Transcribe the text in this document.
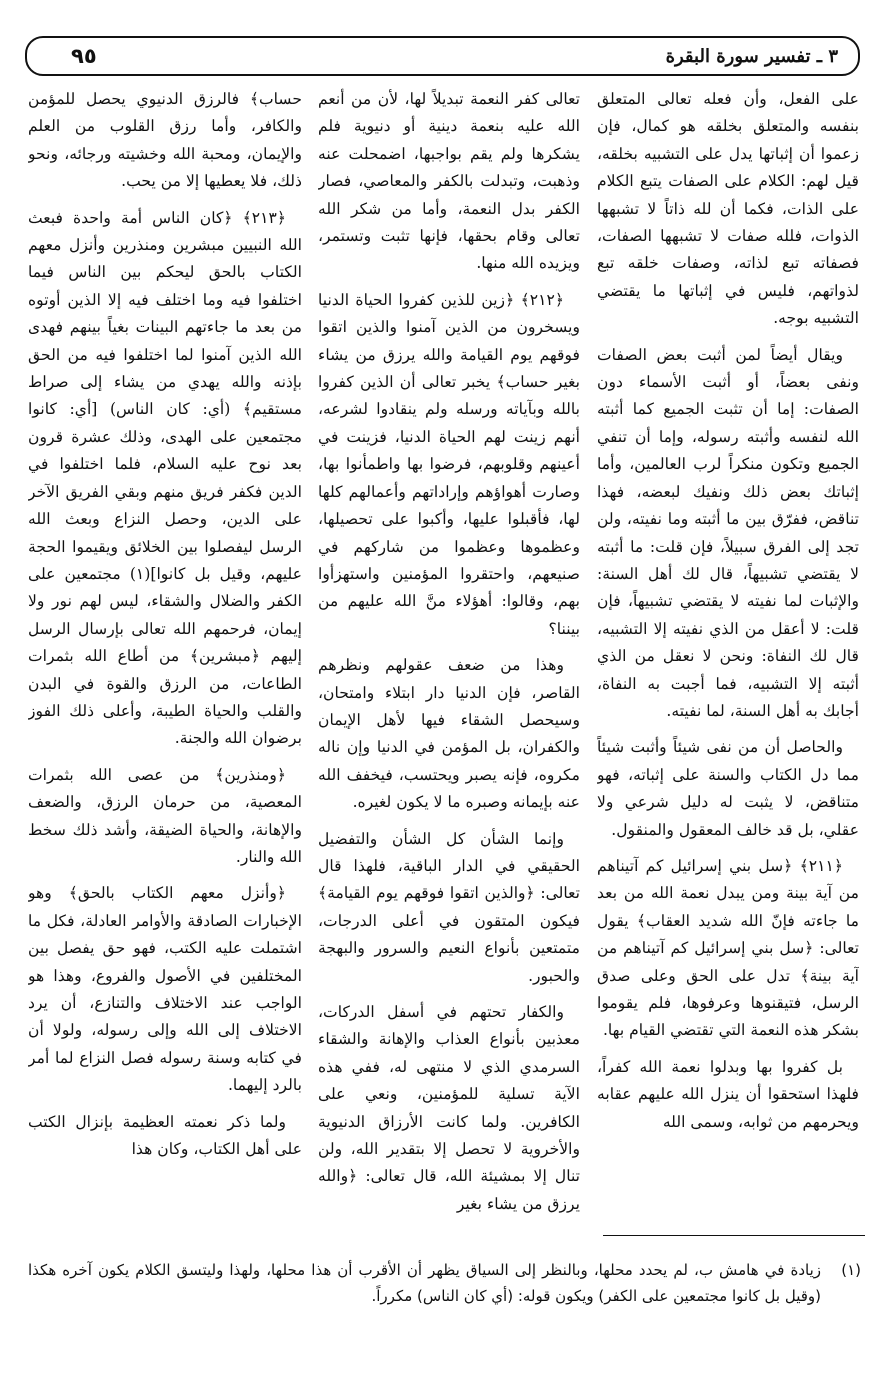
٩٥	٣ ـ تفسير سورة البقرة

على الفعل، وأن فعله تعالى المتعلق بنفسه والمتعلق بخلقه هو كمال، فإن زعموا أن إثباتها يدل على التشبيه بخلقه، قيل لهم: الكلام على الصفات يتبع الكلام على الذات، فكما أن لله ذاتاً لا تشبهها الذوات، فلله صفات لا تشبهها الصفات، فصفاته تبع لذاته، وصفات خلقه تبع لذواتهم، فليس في إثباتها ما يقتضي التشبيه بوجه.

ويقال أيضاً لمن أثبت بعض الصفات ونفى بعضاً، أو أثبت الأسماء دون الصفات: إما أن تثبت الجميع كما أثبته الله لنفسه وأثبته رسوله، وإما أن تنفي الجميع وتكون منكراً لرب العالمين، وأما إثباتك بعض ذلك ونفيك لبعضه، فهذا تناقض، ففرّق بين ما أثبته وما نفيته، ولن تجد إلى الفرق سبيلاً، فإن قلت: ما أثبته لا يقتضي تشبيهاً، قال لك أهل السنة: والإثبات لما نفيته لا يقتضي تشبيهاً، فإن قلت: لا أعقل من الذي نفيته إلا التشبيه، قال لك النفاة: ونحن لا نعقل من الذي أثبته إلا التشبيه، فما أجبت به النفاة، أجابك به أهل السنة، لما نفيته.

والحاصل أن من نفى شيئاً وأثبت شيئاً مما دل الكتاب والسنة على إثباته، فهو متناقض، لا يثبت له دليل شرعي ولا عقلي، بل قد خالف المعقول والمنقول.

﴿٢١١﴾ ﴿سل بني إسرائيل كم آتيناهم من آية بينة ومن يبدل نعمة الله من بعد ما جاءته فإنّ الله شديد العقاب﴾ يقول تعالى: ﴿سل بني إسرائيل كم آتيناهم من آية بينة﴾ تدل على الحق وعلى صدق الرسل، فتيقنوها وعرفوها، فلم يقوموا بشكر هذه النعمة التي تقتضي القيام بها.

بل كفروا بها وبدلوا نعمة الله كفراً، فلهذا استحقوا أن ينزل الله عليهم عقابه ويحرمهم من ثوابه، وسمى الله

تعالى كفر النعمة تبديلاً لها، لأن من أنعم الله عليه بنعمة دينية أو دنيوية فلم يشكرها ولم يقم بواجبها، اضمحلت عنه وذهبت، وتبدلت بالكفر والمعاصي، فصار الكفر بدل النعمة، وأما من شكر الله تعالى وقام بحقها، فإنها تثبت وتستمر، ويزيده الله منها.

﴿٢١٢﴾ ﴿زين للذين كفروا الحياة الدنيا ويسخرون من الذين آمنوا والذين اتقوا فوقهم يوم القيامة والله يرزق من يشاء بغير حساب﴾ يخبر تعالى أن الذين كفروا بالله وبآياته ورسله ولم ينقادوا لشرعه، أنهم زينت لهم الحياة الدنيا، فزينت في أعينهم وقلوبهم، فرضوا بها واطمأنوا بها، وصارت أهواؤهم وإراداتهم وأعمالهم كلها لها، فأقبلوا عليها، وأكبوا على تحصيلها، وعظموها وعظموا من شاركهم في صنيعهم، واحتقروا المؤمنين واستهزأوا بهم، وقالوا: أهؤلاء منَّ الله عليهم من بيننا؟

وهذا من ضعف عقولهم ونظرهم القاصر، فإن الدنيا دار ابتلاء وامتحان، وسيحصل الشقاء فيها لأهل الإيمان والكفران، بل المؤمن في الدنيا وإن ناله مكروه، فإنه يصبر ويحتسب، فيخفف الله عنه بإيمانه وصبره ما لا يكون لغيره.

وإنما الشأن كل الشأن والتفضيل الحقيقي في الدار الباقية، فلهذا قال تعالى: ﴿والذين اتقوا فوقهم يوم القيامة﴾ فيكون المتقون في أعلى الدرجات، متمتعين بأنواع النعيم والسرور والبهجة والحبور.

والكفار تحتهم في أسفل الدركات، معذبين بأنواع العذاب والإهانة والشقاء السرمدي الذي لا منتهى له، ففي هذه الآية تسلية للمؤمنين، ونعي على الكافرين. ولما كانت الأرزاق الدنيوية والأخروية لا تحصل إلا بتقدير الله، ولن تنال إلا بمشيئة الله، قال تعالى: ﴿والله يرزق من يشاء بغير

حساب﴾ فالرزق الدنيوي يحصل للمؤمن والكافر، وأما رزق القلوب من العلم والإيمان، ومحبة الله وخشيته ورجائه، ونحو ذلك، فلا يعطيها إلا من يحب.

﴿٢١٣﴾ ﴿كان الناس أمة واحدة فبعث الله النبيين مبشرين ومنذرين وأنزل معهم الكتاب بالحق ليحكم بين الناس فيما اختلفوا فيه وما اختلف فيه إلا الذين أوتوه من بعد ما جاءتهم البينات بغياً بينهم فهدى الله الذين آمنوا لما اختلفوا فيه من الحق بإذنه والله يهدي من يشاء إلى صراط مستقيم﴾ (أي: كان الناس) [أي: كانوا مجتمعين على الهدى، وذلك عشرة قرون بعد نوح عليه السلام، فلما اختلفوا في الدين فكفر فريق منهم وبقي الفريق الآخر على الدين، وحصل النزاع وبعث الله الرسل ليفصلوا بين الخلائق ويقيموا الحجة عليهم، وقيل بل كانوا](١) مجتمعين على الكفر والضلال والشقاء، ليس لهم نور ولا إيمان، فرحمهم الله تعالى بإرسال الرسل إليهم ﴿مبشرين﴾ من أطاع الله بثمرات الطاعات، من الرزق والقوة في البدن والقلب والحياة الطيبة، وأعلى ذلك الفوز برضوان الله والجنة.

﴿ومنذرين﴾ من عصى الله بثمرات المعصية، من حرمان الرزق، والضعف والإهانة، والحياة الضيقة، وأشد ذلك سخط الله والنار.

﴿وأنزل معهم الكتاب بالحق﴾ وهو الإخبارات الصادقة والأوامر العادلة، فكل ما اشتملت عليه الكتب، فهو حق يفصل بين المختلفين في الأصول والفروع، وهذا هو الواجب عند الاختلاف والتنازع، أن يرد الاختلاف إلى الله وإلى رسوله، ولولا أن في كتابه وسنة رسوله فصل النزاع لما أمر بالرد إليهما.

ولما ذكر نعمته العظيمة بإنزال الكتب على أهل الكتاب، وكان هذا

(١)
زيادة في هامش ب، لم يحدد محلها، وبالنظر إلى السياق يظهر أن الأقرب أن هذا محلها، ولهذا وليتسق الكلام يكون آخره هكذا (وقيل بل كانوا مجتمعين على الكفر) ويكون قوله: (أي كان الناس) مكرراً.
